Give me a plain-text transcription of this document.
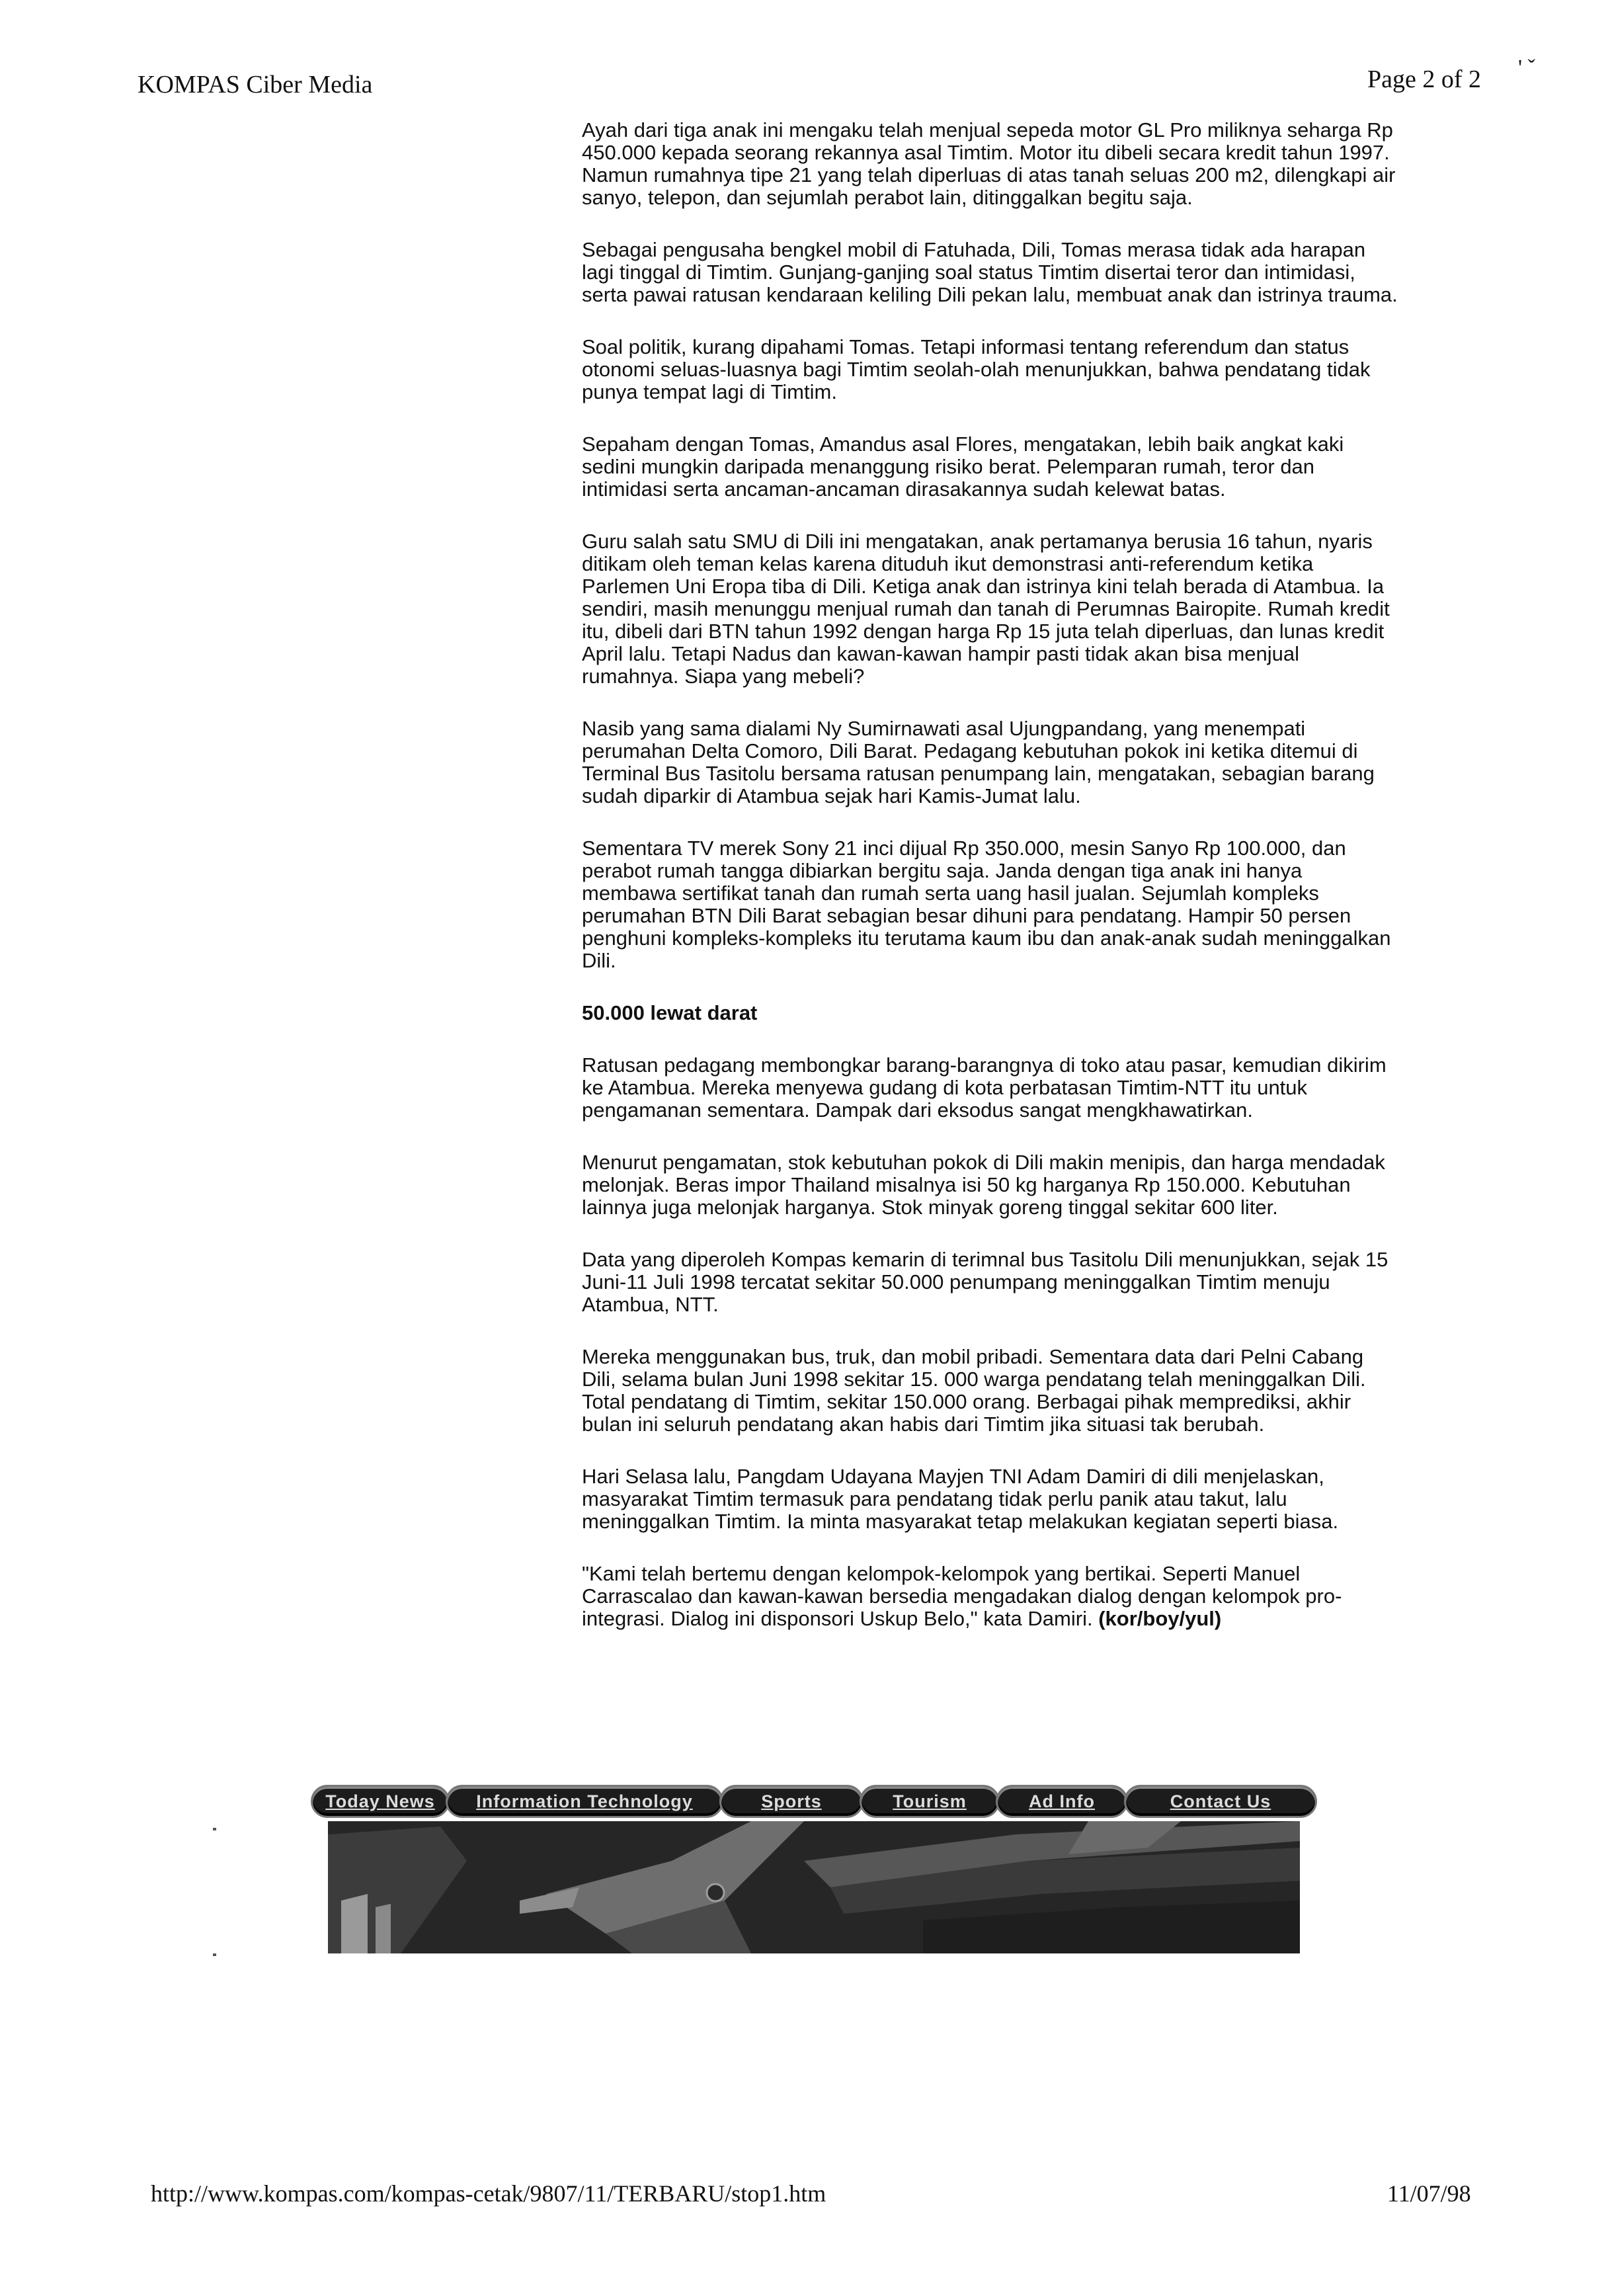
KOMPAS Ciber Media	Page 2 of 2 ' ˇ

Ayah dari tiga anak ini mengaku telah menjual sepeda motor GL Pro miliknya seharga Rp 450.000 kepada seorang rekannya asal Timtim. Motor itu dibeli secara kredit tahun 1997. Namun rumahnya tipe 21 yang telah diperluas di atas tanah seluas 200 m2, dilengkapi air sanyo, telepon, dan sejumlah perabot lain, ditinggalkan begitu saja.

Sebagai pengusaha bengkel mobil di Fatuhada, Dili, Tomas merasa tidak ada harapan lagi tinggal di Timtim. Gunjang-ganjing soal status Timtim disertai teror dan intimidasi, serta pawai ratusan kendaraan keliling Dili pekan lalu, membuat anak dan istrinya trauma.

Soal politik, kurang dipahami Tomas. Tetapi informasi tentang referendum dan status otonomi seluas-luasnya bagi Timtim seolah-olah menunjukkan, bahwa pendatang tidak punya tempat lagi di Timtim.

Sepaham dengan Tomas, Amandus asal Flores, mengatakan, lebih baik angkat kaki sedini mungkin daripada menanggung risiko berat. Pelemparan rumah, teror dan intimidasi serta ancaman-ancaman dirasakannya sudah kelewat batas.

Guru salah satu SMU di Dili ini mengatakan, anak pertamanya berusia 16 tahun, nyaris ditikam oleh teman kelas karena dituduh ikut demonstrasi anti-referendum ketika Parlemen Uni Eropa tiba di Dili. Ketiga anak dan istrinya kini telah berada di Atambua. Ia sendiri, masih menunggu menjual rumah dan tanah di Perumnas Bairopite. Rumah kredit itu, dibeli dari BTN tahun 1992 dengan harga Rp 15 juta telah diperluas, dan lunas kredit April lalu. Tetapi Nadus dan kawan-kawan hampir pasti tidak akan bisa menjual rumahnya. Siapa yang mebeli?

Nasib yang sama dialami Ny Sumirnawati asal Ujungpandang, yang menempati perumahan Delta Comoro, Dili Barat. Pedagang kebutuhan pokok ini ketika ditemui di Terminal Bus Tasitolu bersama ratusan penumpang lain, mengatakan, sebagian barang sudah diparkir di Atambua sejak hari Kamis-Jumat lalu.

Sementara TV merek Sony 21 inci dijual Rp 350.000, mesin Sanyo Rp 100.000, dan perabot rumah tangga dibiarkan bergitu saja. Janda dengan tiga anak ini hanya membawa sertifikat tanah dan rumah serta uang hasil jualan. Sejumlah kompleks perumahan BTN Dili Barat sebagian besar dihuni para pendatang. Hampir 50 persen penghuni kompleks-kompleks itu terutama kaum ibu dan anak-anak sudah meninggalkan Dili.

50.000 lewat darat

Ratusan pedagang membongkar barang-barangnya di toko atau pasar, kemudian dikirim ke Atambua. Mereka menyewa gudang di kota perbatasan Timtim-NTT itu untuk pengamanan sementara. Dampak dari eksodus sangat mengkhawatirkan.

Menurut pengamatan, stok kebutuhan pokok di Dili makin menipis, dan harga mendadak melonjak. Beras impor Thailand misalnya isi 50 kg harganya Rp 150.000. Kebutuhan lainnya juga melonjak harganya. Stok minyak goreng tinggal sekitar 600 liter.

Data yang diperoleh Kompas kemarin di terimnal bus Tasitolu Dili menunjukkan, sejak 15 Juni-11 Juli 1998 tercatat sekitar 50.000 penumpang meninggalkan Timtim menuju Atambua, NTT.

Mereka menggunakan bus, truk, dan mobil pribadi. Sementara data dari Pelni Cabang Dili, selama bulan Juni 1998 sekitar 15. 000 warga pendatang telah meninggalkan Dili. Total pendatang di Timtim, sekitar 150.000 orang. Berbagai pihak memprediksi, akhir bulan ini seluruh pendatang akan habis dari Timtim jika situasi tak berubah.

Hari Selasa lalu, Pangdam Udayana Mayjen TNI Adam Damiri di dili menjelaskan, masyarakat Timtim termasuk para pendatang tidak perlu panik atau takut, lalu meninggalkan Timtim. Ia minta masyarakat tetap melakukan kegiatan seperti biasa.

"Kami telah bertemu dengan kelompok-kelompok yang bertikai. Seperti Manuel Carrascalao dan kawan-kawan bersedia mengadakan dialog dengan kelompok pro-integrasi. Dialog ini disponsori Uskup Belo," kata Damiri. (kor/boy/yul)

Today News	Information Technology	Sports	Tourism	Ad Info	Contact Us
http://www.kompas.com/kompas-cetak/9807/11/TERBARU/stop1.htm	11/07/98
